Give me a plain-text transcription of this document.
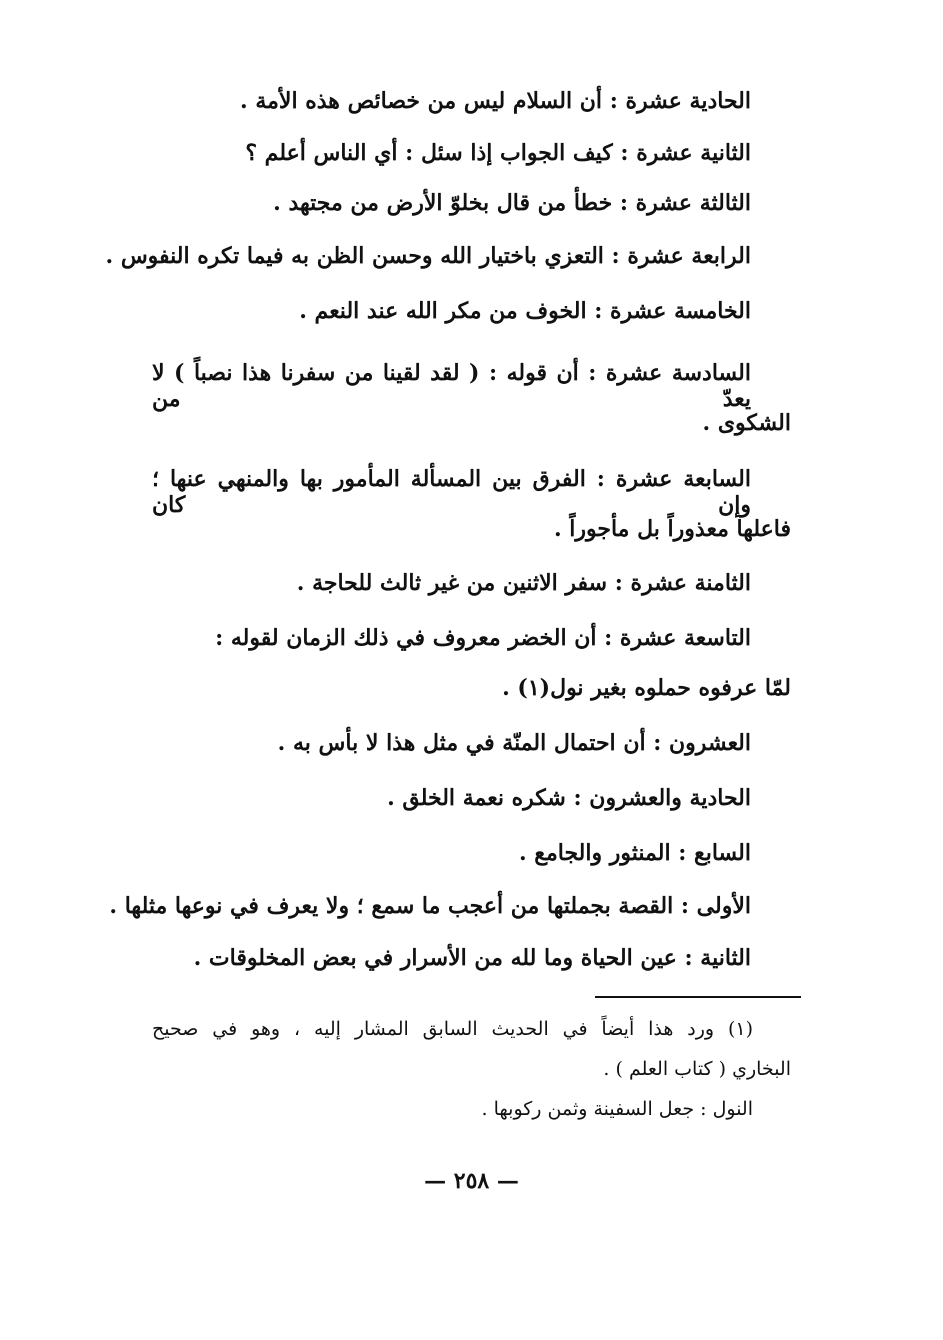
الحادية عشرة : أن السلام ليس من خصائص هذه الأمة .
الثانية عشرة : كيف الجواب إذا سئل : أي الناس أعلم ؟
الثالثة عشرة : خطأ من قال بخلوّ الأرض من مجتهد .
الرابعة عشرة : التعزي باختيار الله وحسن الظن به فيما تكره النفوس .
الخامسة عشرة : الخوف من مكر الله عند النعم .
السادسة عشرة : أن قوله : ( لقد لقينا من سفرنا هذا نصباً ) لا يعدّ من
الشكوى .
السابعة عشرة : الفرق بين المسألة المأمور بها والمنهي عنها ؛ وإن كان
فاعلها معذوراً بل مأجوراً .
الثامنة عشرة : سفر الاثنين من غير ثالث للحاجة .
التاسعة عشرة : أن الخضر معروف في ذلك الزمان لقوله :
لمّا عرفوه حملوه بغير نول(١) .
العشرون : أن احتمال المنّة في مثل هذا لا بأس به .
الحادية والعشرون : شكره نعمة الخلق .
السابع : المنثور والجامع .
الأولى : القصة بجملتها من أعجب ما سمع ؛ ولا يعرف في نوعها مثلها .
الثانية : عين الحياة وما لله من الأسرار في بعض المخلوقات .
(١) ورد هذا أيضاً في الحديث السابق المشار إليه ، وهو في صحيح
البخاري ( كتاب العلم ) .
النول : جعل السفينة وثمن ركوبها .
— ٢٥٨ —
